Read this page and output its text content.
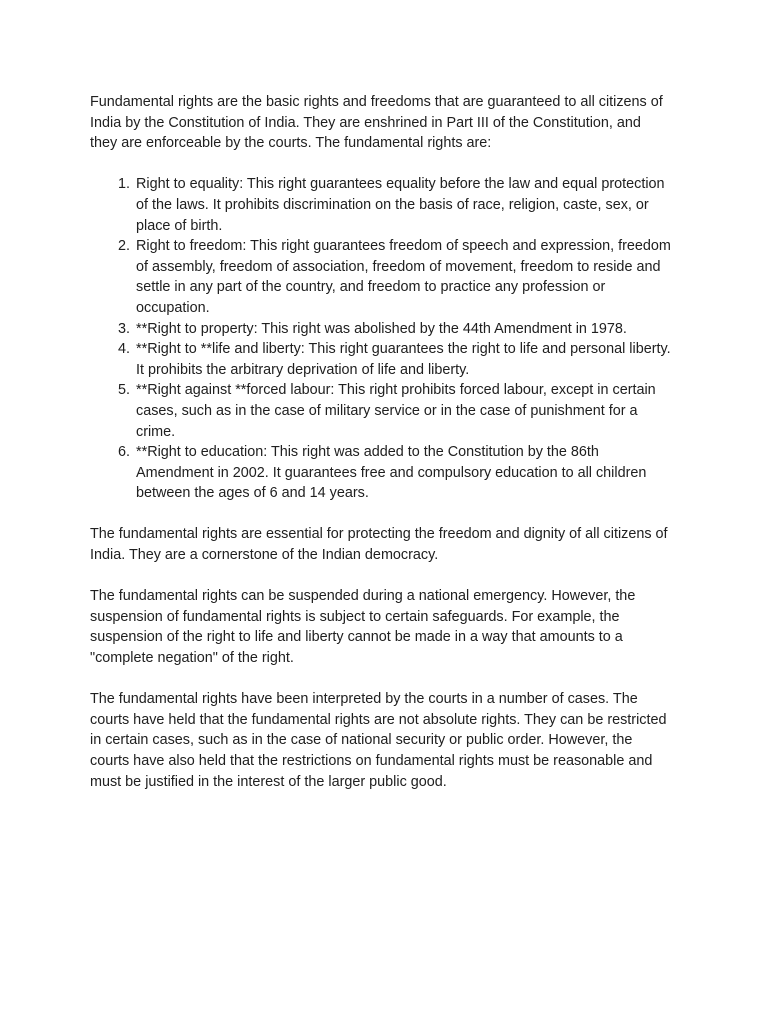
Fundamental rights are the basic rights and freedoms that are guaranteed to all citizens of India by the Constitution of India. They are enshrined in Part III of the Constitution, and they are enforceable by the courts. The fundamental rights are:

1. Right to equality: This right guarantees equality before the law and equal protection of the laws. It prohibits discrimination on the basis of race, religion, caste, sex, or place of birth.
2. Right to freedom: This right guarantees freedom of speech and expression, freedom of assembly, freedom of association, freedom of movement, freedom to reside and settle in any part of the country, and freedom to practice any profession or occupation.
3. **Right to property: This right was abolished by the 44th Amendment in 1978.
4. **Right to **life and liberty: This right guarantees the right to life and personal liberty. It prohibits the arbitrary deprivation of life and liberty.
5. **Right against **forced labour: This right prohibits forced labour, except in certain cases, such as in the case of military service or in the case of punishment for a crime.
6. **Right to education: This right was added to the Constitution by the 86th Amendment in 2002. It guarantees free and compulsory education to all children between the ages of 6 and 14 years.

The fundamental rights are essential for protecting the freedom and dignity of all citizens of India. They are a cornerstone of the Indian democracy.

The fundamental rights can be suspended during a national emergency. However, the suspension of fundamental rights is subject to certain safeguards. For example, the suspension of the right to life and liberty cannot be made in a way that amounts to a "complete negation" of the right.

The fundamental rights have been interpreted by the courts in a number of cases. The courts have held that the fundamental rights are not absolute rights. They can be restricted in certain cases, such as in the case of national security or public order. However, the courts have also held that the restrictions on fundamental rights must be reasonable and must be justified in the interest of the larger public good.
